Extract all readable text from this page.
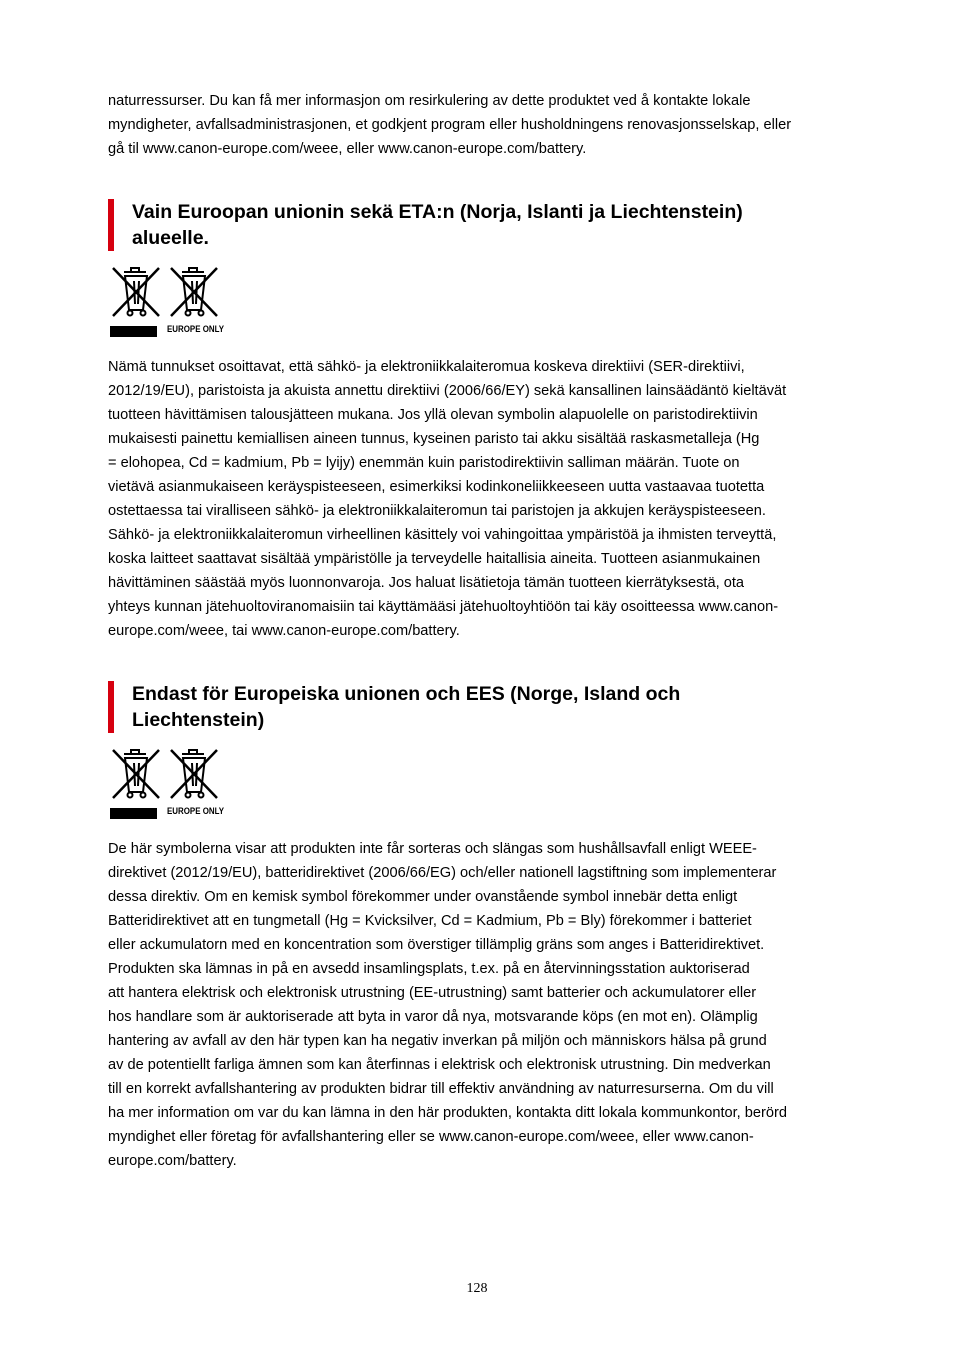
naturressurser. Du kan få mer informasjon om resirkulering av dette produktet ved å kontakte lokale
myndigheter, avfallsadministrasjonen, et godkjent program eller husholdningens renovasjonsselskap, eller
gå til www.canon-europe.com/weee, eller www.canon-europe.com/battery.
Vain Euroopan unionin sekä ETA:n (Norja, Islanti ja Liechtenstein)
alueelle.
EUROPE ONLY
Nämä tunnukset osoittavat, että sähkö- ja elektroniikkalaiteromua koskeva direktiivi (SER-direktiivi,
2012/19/EU), paristoista ja akuista annettu direktiivi (2006/66/EY) sekä kansallinen lainsäädäntö kieltävät
tuotteen hävittämisen talousjätteen mukana. Jos yllä olevan symbolin alapuolelle on paristodirektiivin
mukaisesti painettu kemiallisen aineen tunnus, kyseinen paristo tai akku sisältää raskasmetalleja (Hg
= elohopea, Cd = kadmium, Pb = lyijy) enemmän kuin paristodirektiivin salliman määrän. Tuote on
vietävä asianmukaiseen keräyspisteeseen, esimerkiksi kodinkoneliikkeeseen uutta vastaavaa tuotetta
ostettaessa tai viralliseen sähkö- ja elektroniikkalaiteromun tai paristojen ja akkujen keräyspisteeseen.
Sähkö- ja elektroniikkalaiteromun virheellinen käsittely voi vahingoittaa ympäristöä ja ihmisten terveyttä,
koska laitteet saattavat sisältää ympäristölle ja terveydelle haitallisia aineita. Tuotteen asianmukainen
hävittäminen säästää myös luonnonvaroja. Jos haluat lisätietoja tämän tuotteen kierrätyksestä, ota
yhteys kunnan jätehuoltoviranomaisiin tai käyttämääsi jätehuoltoyhtiöön tai käy osoitteessa www.canon-
europe.com/weee, tai www.canon-europe.com/battery.
Endast för Europeiska unionen och EES (Norge, Island och
Liechtenstein)
EUROPE ONLY
De här symbolerna visar att produkten inte får sorteras och slängas som hushållsavfall enligt WEEE-
direktivet (2012/19/EU), batteridirektivet (2006/66/EG) och/eller nationell lagstiftning som implementerar
dessa direktiv. Om en kemisk symbol förekommer under ovanstående symbol innebär detta enligt
Batteridirektivet att en tungmetall (Hg = Kvicksilver, Cd = Kadmium, Pb = Bly) förekommer i batteriet
eller ackumulatorn med en koncentration som överstiger tillämplig gräns som anges i Batteridirektivet.
Produkten ska lämnas in på en avsedd insamlingsplats, t.ex. på en återvinningsstation auktoriserad
att hantera elektrisk och elektronisk utrustning (EE-utrustning) samt batterier och ackumulatorer eller
hos handlare som är auktoriserade att byta in varor då nya, motsvarande köps (en mot en). Olämplig
hantering av avfall av den här typen kan ha negativ inverkan på miljön och människors hälsa på grund
av de potentiellt farliga ämnen som kan återfinnas i elektrisk och elektronisk utrustning. Din medverkan
till en korrekt avfallshantering av produkten bidrar till effektiv användning av naturresurserna. Om du vill
ha mer information om var du kan lämna in den här produkten, kontakta ditt lokala kommunkontor, berörd
myndighet eller företag för avfallshantering eller se www.canon-europe.com/weee, eller www.canon-
europe.com/battery.
128
